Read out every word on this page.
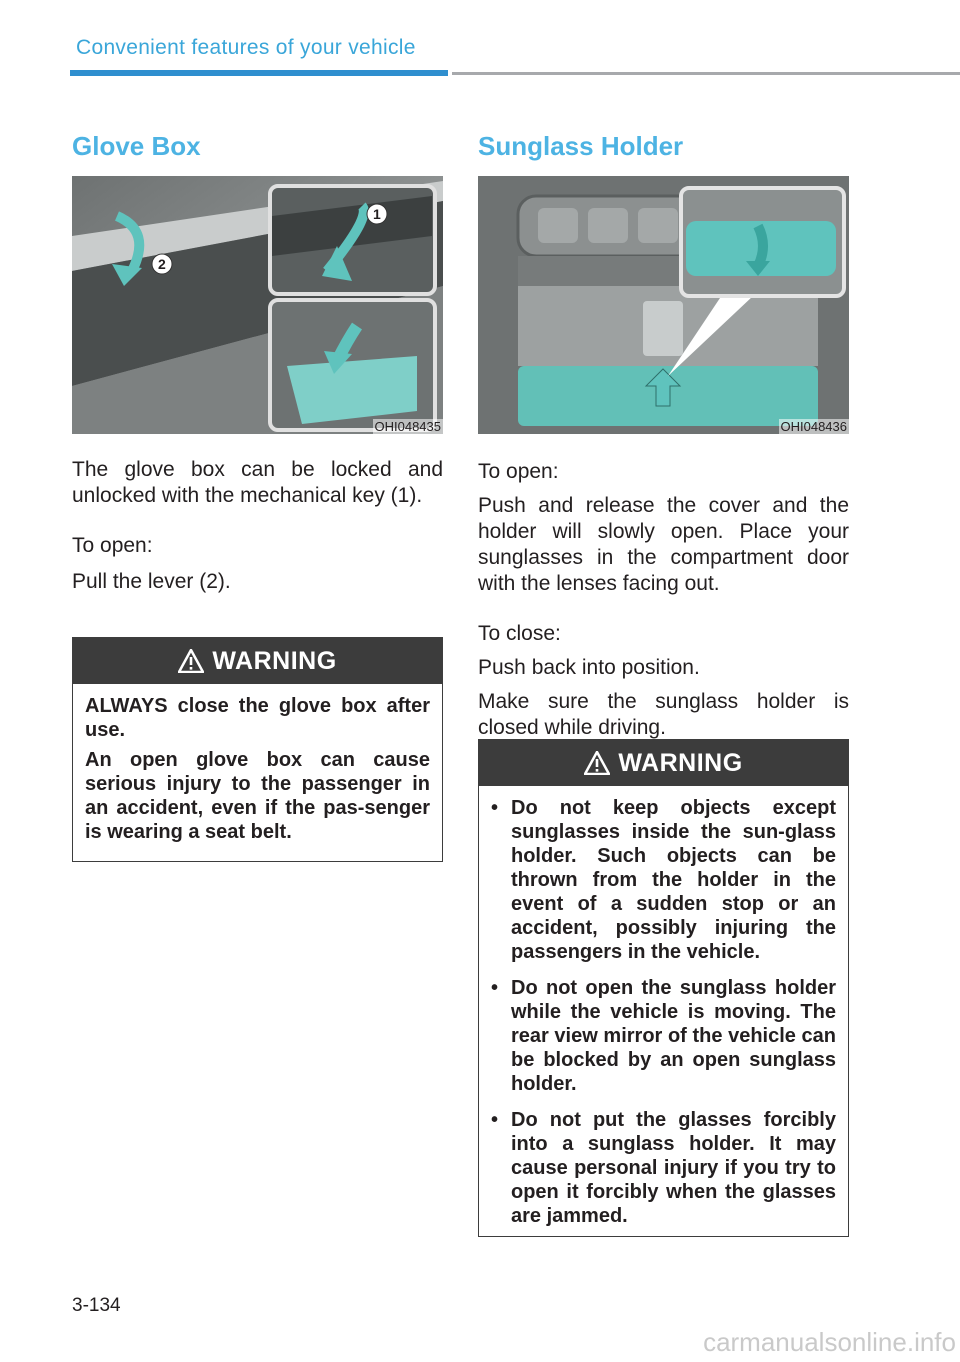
Convenient features of your vehicle
Glove Box
2
1
OHI048435

The glove box can be locked and unlocked with the mechanical key (1).

To open:

Pull the lever (2).

WARNING

ALWAYS close the glove box after use.

An open glove box can cause serious injury to the passenger in an accident, even if the pas-senger is wearing a seat belt.

Sunglass Holder
OHI048436

To open:

Push and release the cover and the holder will slowly open. Place your sunglasses in the compartment door with the lenses facing out.

To close:

Push back into position.

Make sure the sunglass holder is closed while driving.

WARNING
• Do not keep objects except sunglasses inside the sun-glass holder. Such objects can be thrown from the holder in the event of a sudden stop or an accident, possibly injuring the passengers in the vehicle.
• Do not open the sunglass holder while the vehicle is moving. The rear view mirror of the vehicle can be blocked by an open sunglass holder.
• Do not put the glasses forcibly into a sunglass holder. It may cause personal injury if you try to open it forcibly when the glasses are jammed.
3-134
carmanualsonline.info
